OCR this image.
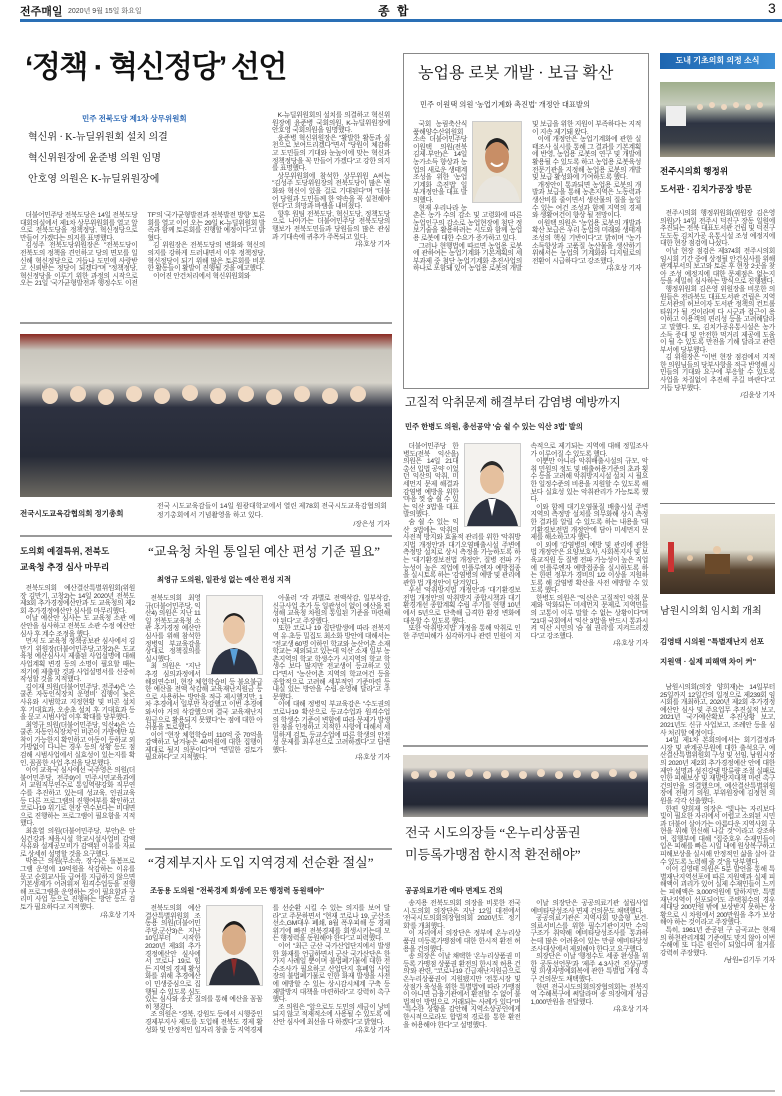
전주매일 2020년 9월 15일 화요일	종 합	3
‘정책 · 혁신정당’ 선언
민주 전북도당 제1차 상무위원회
혁신위 · K-뉴딜위원회 설치 의결
혁신위원장에 윤준병 의원 임명
안호영 의원은 K-뉴딜위원장에

더불어민주당 전북도당은 14일 전북도당 대회의실에서 제1차 상무위원회를 열고 앞으로 전북도당을 정책정당, 혁신정당으로 만들어 가겠다는 의지를 표명했다.

김성주 전북도당위원장은 "전북도당이 전북도의 정책을 견인하고 당의 면모를 일신해 혁신정당으로 거듭나 도민에 사랑받고 신뢰받는 정당이 되겠다"며 "정책정당, 혁신정당을 이루기 위한 과정의 시작으로 오는 21일 '국가균형발전과 행정수도 이전 TF'의 '국가균형발전과 전북발전 방향' 토론회를 열고 이어 오는 29일 K-뉴딜위원회 발족과 함께 토론회를 진행할 예정이다"고 밝혔다.

김 위원장은 전북도당의 변화와 혁신의 의지를 강하게 드러내면서 이후 정책정당, 혁신정당이 되기 위해 많은 토론회를 비롯한 활동들이 활발이 진행될 것을 예고했다.

이어진 안건처리에서 혁신위원회와

K-뉴딜위원회의 설치를 의결하고 혁신위원장에 윤준병 국회의원, K-뉴딜위원장에 안호영 국회의원을 임명했다.

윤준병 혁신위원장은 "활발한 활동과 실천으로 보여드리겠다"면서 "당원이 체감하고 도민들의 기대와 눈높이에 맞는 혁신과 정책정당을 꼭 만들어 가겠다"고 강한 의지를 표명했다.

상무위원회에 참석한 상무위원 A씨는 "김성주 도당위원장의 전북도당이 많은 변화와 혁신이 있을 걸로 기대된다"며 "더불어 당원과 도민들께 한 약속을 꼭 실천해야 한다"고 희망과 바램을 내비쳤다.

향후 원팀 전북도당, 혁신도당, 정책도당으로 나아가는 더불어민주당 전북도당의 행보가 전북도민들과 당원들의 많은 관심과 기대속에 귀추가 주목되고 있다.

/유호상 기자
전국시도교육감협의회 정기총회
전국 시도교육감들이 14일 원광대학교에서 열린 제78회 전국시도교육감협의회 정기총회에서 기념촬영을 하고 있다.
/장은성 기자
도의회 예결특위, 전북도
교육청 추경 심사 마무리

전북도의회 예산결산특별위원회(위원장 김만기, 고창2)는 14일 2020년 전북도 제3회 추가경정예산안과 도 교육청의 제2회 추가경정예산안 심사를 마무리했다.

이날 예산안 심사는 도 교육청 소관 예산안을 심사하고 전북도 소관 수정 예산안 심사 후 계수 조정을 했다.

먼저 도 교육청 정책공보관 심사에서 김만기 위원장(더불어민주당,고창2)은 도교육청 예산심사시 제출된 사업설명에 대해 사업계획 변경 등의 소명이 필요할 때는 적기에 제출할 것과 사업설명서를 신중히 작성할 것을 지적했다.

김이재 의원(더불어민주당, 전주4)은 '스쿨존 자동인식장치 운영비' 집행이 늦은 사유와 시범학교 지정현황 및 비콘 설치 후 기대효과, 오송초 설치 후 기대효과 등을 묻고 시범사업 이후 확대를 당부했다.

최영규 의원(더불어민주당, 익산4)은 '스쿨존 자동인식장치'인 비콘이 가방에만 부착이 가능한지 확인하고 아동이 등하교 외 가방없이 다니는 경우 등의 상황 등도 점검해 시범사업에서 실효성이 있는지를 확인, 꼼꼼한 사업 추진을 당부했다.

이어 교육국 심사에선 국주영은 의원(더불어민주당, 전주9)이 민주시민교육과에서 교원직무연수로 통일역량강화 직무연수를 추진하고 있는데 성교육, 인권교육 등 다른 프로그램의 진행여부를 확인하고 코로나19 위기로 현장 연수보다는 비대면으로 진행하는 프로그램이 필요함을 지적했다.

최훈열 의원(더불어민주당, 부안)은 안심건강과 체육시설 학교시설사업비 감액 사유와 설계공모비가 감액된 이유를 자료로 상세히 설명할 것을 요구했다.

박용근 의원(무소속, 장수)은 돌봄프로그램 운영에 19억원을 삭감하는 이유를 묻고 순회교사들 급여를 지급하지 않으면 기본생계가 어려워져 원격수업등을 진행해 프로그램을 운영하는 것이 필요함과 구리미 사업 등으로 진행하는 방안 등도 검토가 필요하다고 지적했다.

/유호상 기자
“교육청 차원 통일된 예산 편성 기준 필요”
최영규 도의원, 일관성 없는 예산 편성 지적

전북도의회 최영규(더불어민주당, 익산4) 의원은 지난 11일 전북도교육청 소관 추가경정 예산안 심사를 위해 참석한 정병익 부교육감을 상대로 정책질의를 실시했다.

최 의원은 "지난 추경 심의과정에서 해외연수비, 현장 체험학습비 등 불요불급한 예산을 전액 삭감해 교육재난지원금 등으로 사용하는 방안을 적극 제시했지만, 1차 추경에서 일부만 삭감했고 이번 추경에 와서야 거의 삭감했으며 결국 교육재난지원금으로 활용되지 못했다"는 점에 대한 아쉬움을 토로했다.

이어 "현장 체험학습비 110억 중 70억을 감액하고 남겨놓은 40억원에 대한 집행이 제대로 될지 의문이다"며 "면밀한 검토가 필요하다"고 지적했다.

아울러 "각 과별로 전액삭감, 일부삭감, 신규사업 추가 등 일관성이 없이 예산을 편성해 교육청 차원의 통일된 기준을 마련해야 된다"고 주장했다.

또한 코로나 19 집단발생에 따라 전북지역 유·초등 밀집도 최소화 방안에 대해서는 "전교생 60명 이하인 학교와 농산어촌 소재 학교는 제외되고 있는데 익산 소재 일부 농촌지역의 학교 학생수가 시지역의 학교 학생수 보다 많지만 전교생이 등교하고 있다"면서 "농산어촌 지역의 학교여건 등을 종합적으로 고려해 세부적인 기준마련 등 내실 있는 방안을 수립·운영해 달라"고 주문했다.

이에 대해 정병익 부교육감은 "수도권의 코로나19 확산으로 등교수업과 원격수업의 학생수 기준이 변함에 따라 문제가 발생한 점을 인정하고 지적한 사항에 대해서 세밀하게 검토, 등교수업에 따른 학생의 안전성 문제를 최우선으로 고려하겠다"고 답변했다.

/유호상 기자
“경제부지사 도입 지역경제 선순환 절실”
조동용 도의원 "전북경제 회생에 모든 행정력 동원해야"

전북도의회 예산결산특별위원회 조동용 의원(더불어민주당,군산3)은 지난 10일부터 시작한 2020년 제3회 추가경정예산안 심사에서 코로나 19로 힘든 지역의 경제 활성화를 위해 추경예산이 민생중심으로 집행될 수 있도록 심도 있는 심사와 송곳 질의를 통해 예산을 꼼꼼히 챙겼다.

조 의원은 "경북, 강원도 등에서 시행중인 경제부지사 제도를 도입해 전북도 경제 활성화 및 안정적인 일자리 창출 등 지역경제를 선순환 시킬 수 있는 의지를 보여 달라"고 주문하면서 "현재 코로나 19, 군산조선소,GM대우 폐쇄, 8월 폭우피해 등 경제위기에 빠진 전북경제를 회생시키는데 모든 행정력을 동원해야 한다"고 피력했다.

이어 "최근 군산 국가산업단지에서 발생한 화재를 언급하면서 군산 국가산단은 한 가지 사례일 뿐이며 불법폐기물에 대한 전수조사가 필요하고 산업단지 휴폐업 사업장의 불법폐기물로 인한 화재 발생을 사전에 예방할 수 있는 상시감시체계 구축 등 재발방지 대책을 마련하라"고 강력히 촉구했다.

조 의원은 "앞으로도 도민의 세금이 낭비되지 않고 적재적소에 사용될 수 있도록 예산안 심사에 최선을 다 하겠다"고 밝혔다.

/유호상 기자
농업용 로봇 개발 · 보급 확산
민주 이원택 의원 '농업기계화 촉진법' 개정안 대표발의

국회 농림축산식품해양수산위원회 소속 더불어민주당 이원택 의원(전북 김제·부안)은 14일 농가소득 향상과 농업의 새로운 생태계 조성을 위한 '농업기계화 촉진법' 일부개정안을 대표 발의했다.

현재 우리나라 농촌은 농가 수의 감소 및 고령화에 따른 농업인구의 감소로 농업현장에 첨단 정보기술을 활용하려는 시도와 함께 농업용 로봇에 대한 수요가 증가하고 있다.

그러나 현행법에 따르면 농업용 로봇에 관하여는 농업기계화 기본계획의 세부과제 중 첨단 농업기계화 추진사업의 하나로 포함돼 있어 농업용 로봇의 개발 및 보급을 위한 지원이 부족하다는 지적이 지속 제기돼 왔다.

이에 개정안은 농업기계화에 관한 실태조사 실시를 통해 그 결과를 기본계획에 반영, 농업용 로봇의 연구 및 개발에 활용될 수 있도록 하고 농업용 로봇육성 전문기관을 지정해 농업용 로봇의 개발 및 보급 활성화에 기여하도록 했다.

개정안이 통과되면 농업용 로봇의 개발과 보급을 통해 농촌지역은 노동력과 생산비를 줄이면서 생산물의 질을 높일 수 있는 여건 조성과 함께 지역의 경제와 생활여건이 향상 될 전망이다.

이원택 의원은 "농업용 로봇의 개발과 확산 보급은 우리 농업의 미래와 생태계 조성의 핵심 기반이다"고 밝히며 "농가 소득향상과 고품질 농산물을 생산하기 위해서는 농업의 기계화와 디지털로의 전환이 시급하다"고 강조했다.

/유호상 기자
고질적 악취문제 해결부터 감염병 예방까지
민주 한병도 의원, 총선공약 '숨 쉴 수 있는 익산 3법' 발의

더불어민주당 한병도(전북 익산을) 의원은 14일 21대 총선 입법 공약 이었던 익산의 악취, 미세먼지 문제 해결과 감염병 예방을 위한 '마음 껏 숨 쉴 수 있는 익산 3법'을 대표 발의했다.

숨 쉴 수 있는 익산 3법에는 악취의 사전적 방지와 효율적 관리를 위한 '악취방지법 개정안'과 대기오염배출시설 주변에 측정망 설치로 상시 측정을 가능하도록 하는 '대기환경보전법 개정안', 질병 전파 가능성이 높은 직업에 인플루엔자 예방접종을 실시토록 하는 '감염병의 예방 및 관리에 관한 법 개정안'이 담겨있다.

우선 '악취방지법 개정안'과 '대기환경보전법 개정안'의 악취방지 종합시책과 대기환경개선 종합계획 수립 주기를 현행 10년에서 5년으로 단축해 급격한 환경 변화에 대응할 수 있도록 했다.

또한 '악취방지법' 개정을 통해 악취로 인한 주민피해가 심각하거나 관련 민원이 지속적으로 제기되는 지역에 대해 정밀조사가 이루어질 수 있도록 했다.

이뿐만 아니라 악취배출시설의 규모, 악취 민원의 정도 및 배출허용기준의 초과 횟수 등을 고려해 악취방지시설 설치 시 필요한 일정수준의 비용을 지원할 수 있도록 해 보다 실효성 있는 악취관리가 가능토록 했다.

이와 함께 대기오염물질 배출시설 주변지역의 측정망 설치를 의무화해 상시 측정한 결과를 알릴 수 있도록 하는 내용을 '대기환경보전법 개정안'에 담아 미세먼지 문제를 해소하고자 했다.

이 외에 '감염병의 예방 및 관리에 관한 법 개정안'은 요양보호사, 사회복지사 및 보육교직원 등 질병 전파 가능성이 높은 직업에 인플루엔자 예방접종을 실시하도록 하는 한편 정부가 경비의 1/2 이상을 지원하도록 해 감염병 확산을 사전 예방할 수 있도록 했다.

한병도 의원은 "익산은 고질적인 악취 문제와 악화되는 미세먼지 문제로 지역민들의 고통이 이루 말할 수 없는 상황이다"며 "21대 국회에서 '익산 3법'을 반드시 통과시켜 익산 시민의 '숨 쉴 권리'를 지켜드리겠다"고 강조했다.

/유호상 기자
전국 시도의장들 “온누리상품권
미등록가맹점 한시적 환전해야”
공공의료기관 예타 면제도 건의

송지용 전북도의회 의장을 비롯한 전국 시·도의회 의장단은 지난 12일 대전에서 '전국시도의회의장협의회 2020년도 정기회'를 개최했다.

이 자리에서 의장단은 정부에 온누리상품권 미등록가맹점에 대한 한시적 환전 허용을 건의했다.

송 의장은 이날 채택한 '온누리상품권 미등록 가맹점 상품권 환전의 한시적 허용 건의'와 관련, "코로나19 긴급재난지원금으로 온누리상품권이 지원됐지만 '전통시장 및 상점가 육성을 위한 특별법'에 따라 가맹점이 아니면 금융기관에서 환전할 수 없어 불법적인 방법으로 거래되는 사례가 있다"며 "특수한 상황을 감안해 지역소상공인에게 한시적으로라도 합법적 경로를 통한 환전을 허용해야 한다"고 설명했다.

이날 의장단은 공공의료기관 설립사업 예비타당성조사 면제 건의문도 채택했다.

공공의료기관은 지역사회 맞춤형 보건·의료서비스를 위한 필수기관이지만 수익구조가 취약해 예비타당성조사를 통과하는데 많은 어려움이 있는 만큼 예비타당성조사대상에서 제외해야 한다고 요구했다.

의장단은 이날 '행정수도 세종 완성을 위한 공동선언문'과 '제주 4·3사건 진상규명 및 희생자명예회복에 관한 특별법 개정 촉구 건의문'도 채택했다.

한편 전국시도의회의장협의회는 전북지역 수해복구에 써달라며 송 의장에게 성금 1,000만원을 전달했다.

/유호상 기자
도내 기초의회 의정 소식
전주시의회 행정위
도서관 · 김치가공장 방문

전주시의회 행정위원회(위원장 김은영 의원)가 14일 전주시 덕진구 장동 일원에 추진되는 전북 대표도서관 건립 및 덕진구 도도동 김치가공 유통시설 조성 예정지에 대한 현장 점검에 나섰다.

이날 현장 점검은 제374회 전주시의회 임시회 기간 중에 상정될 안건심사를 위해 관계부서의 보고와 토론 후 현장 2곳을 찾아 조성 예정지에 대한 문제점은 없는지 등을 세밀히 심사하는 방식으로 진행됐다.

행정위원회 김은영 위원장을 비롯한 의원들은 전라북도 대표도서관 건립은 지역 도서관의 허브이자 도서관 정책의 컨트롤타워가 될 것이라며 다 시군과 접근이 용이하고 이용객의 편리성 등을 고려해달라고 말했다. 또, 김치가공유통시설은 농가 소득 증대 및 안전한 먹거리 제공에 도움이 될 수 있도록 만전을 기해 달라고 관련 부서에 당부했다.

김 위원장은 "이번 현장 점검에서 지적한 의원님들의 당부사항을 적극 반영해 시민들의 기대와 요구에 부응할 수 있도록 사업을 차질없이 추진해 주길 바란다"고 거듭 당부했다.

/김윤상 기자
남원시의회 임시회 개최
김영태 시의원 "특별재난지 선포
지원액 · 실제 피해액 차이 커"

남원시의회(의장 양희재)는 14일부터 25일까지 12일간의 일정으로 제239회 임시회를 개최하고, 2020년 제2회 추가경정 예산안 심사 및 주요업무 추진실적 보고, 2021년 국가예산확보 추진상황 보고, 2021년도 신규 사업보고, 조례안 등을 심사 처리할 예정이다.

14일 제1차 본회의에서는 회기결정과 시장 및 관계공무원에 대한 출석요구, 예산결산특별위원회 구성 및 선임, 남원시장의 2020년 제2회 추가경정예산 안에 대한 제안 설명과 섬진강댐 방류량 조절 실패로 인한 피해보상 및 재발방지대책 마련 촉구 건의안을 의결했으며, 예산결산특별위원장에 전평기 의원, 부위원장에 김정현 의원을 각각 선출했다.

한편 양희재 의장은 "빛나는 자리보다 빛이 필요한 자리에서 어렵고 소외된 시민과 더불어 살아가는 아름다운 지역사회 구현을 위해 헌신해 나갈 것"이라고 강조하며, 집행부에 대해 "집중호우 수재민들이 입은 피해를 빠른 시일 내에 원상복구하고 피해보상을 실시해 안정적인 삶을 살아 갈 수 있도록 노력해 줄 것"을 당부했다.

이어 김영태 의원은 5분 발언을 통해 특별재난지역선포에 따른 지원액과 실제 피해액이 괴리가 있어 실제 수재민들이 느끼는 피해액은 3,000억원에 달하지만, 특별재난지역이 선포되어도 주택침수의 경우 세대당 200만원 밖에 보상받지 못하는 상황으로 시 차원에서 200만원을 추가 보상해야 하는 것이라고 주장했다.

특히, 1961년 준공된 구 금곡교는 현재의 하천관리계획 기준에도 맞지 않아 이번 수해에 또 다른 원인이 되었다며 철거를 강력히 주장했다.

/남원=김기두 기자
